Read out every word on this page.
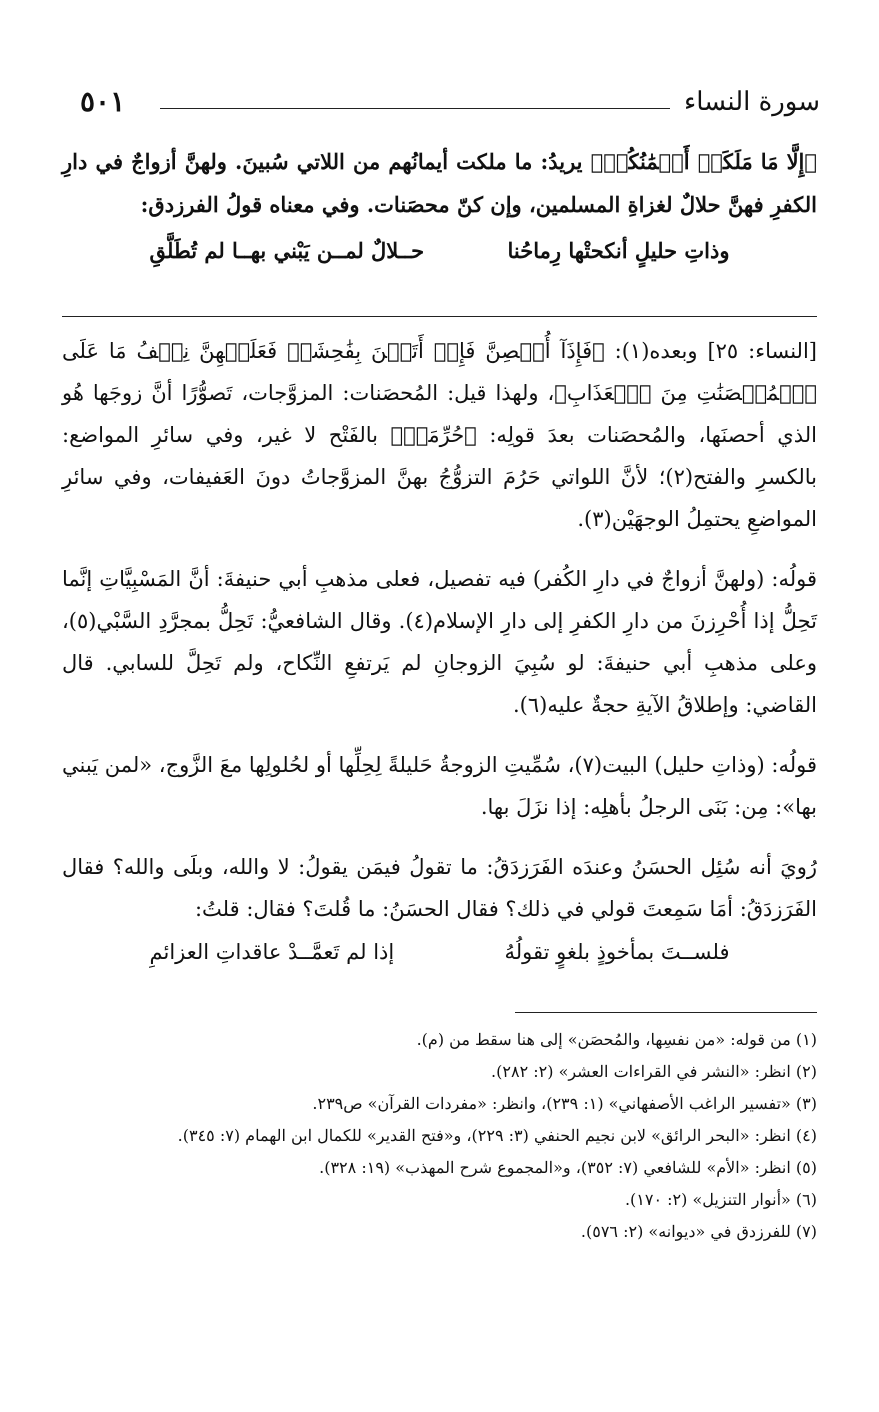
سورة النساء
٥٠١

﴿إِلَّا مَا مَلَكَتۡ أَيۡمَٰنُكُمۡ﴾ يريدُ: ما ملكت أيمانُهم من اللاتي سُبينَ. ولهنَّ أزواجٌ في دارِ الكفرِ فهنَّ حلالٌ لغزاةِ المسلمين، وإن كنّ محصَنات. وفي معناه قولُ الفرزدق:

وذاتِ حليلٍ أنكحتْها رِماحُنا
حــلالٌ لمــن يَبْني بهــا لم تُطَلَّقِ

[النساء: ٢٥] وبعده(١): ﴿فَإِذَآ أُحۡصِنَّ فَإِنۡ أَتَيۡنَ بِفَٰحِشَةٖ فَعَلَيۡهِنَّ نِصۡفُ مَا عَلَى ٱلۡمُحۡصَنَٰتِ مِنَ ٱلۡعَذَابِ﴾، ولهذا قيل: المُحصَنات: المزوَّجات، تَصوُّرًا أنَّ زوجَها هُو الذي أحصنَها، والمُحصَنات بعدَ قولِه: ﴿حُرِّمَتۡ﴾ بالفَتْح لا غير، وفي سائرِ المواضع: بالكسرِ والفتح(٢)؛ لأنَّ اللواتي حَرُمَ التزوُّجُ بهنَّ المزوَّجاتُ دونَ العَفيفات، وفي سائرِ المواضعِ يحتمِلُ الوجهَيْن(٣).

قولُه: (ولهنَّ أزواجٌ في دارِ الكُفر) فيه تفصيل، فعلى مذهبِ أبي حنيفةَ: أنَّ المَسْبِيَّاتِ إنَّما تَحِلُّ إذا أُحْرِزنَ من دارِ الكفرِ إلى دارِ الإسلام(٤). وقال الشافعيُّ: تَحِلُّ بمجرَّدِ السَّبْي(٥)، وعلى مذهبِ أبي حنيفةَ: لو سُبِيَ الزوجانِ لم يَرتفعِ النِّكاح، ولم تَحِلَّ للسابي. قال القاضي: وإطلاقُ الآيةِ حجةٌ عليه(٦).

قولُه: (وذاتِ حليل) البيت(٧)، سُمِّيتِ الزوجةُ حَليلةً لِحِلِّها أو لحُلولِها معَ الزَّوج، «لمن يَبني بها»: مِن: بَنَى الرجلُ بأهلِه: إذا نزَلَ بها.

رُويَ أنه سُئِل الحسَنُ وعندَه الفَرَزدَقُ: ما تقولُ فيمَن يقولُ: لا والله، وبلَى والله؟ فقال الفَرَزدَقُ: أمَا سَمِعتَ قولي في ذلك؟ فقال الحسَنُ: ما قُلتَ؟ فقال: قلتُ:

فلســتَ بمأخوذٍ بلغوٍ تقولُهُ
إذا لم تَعمَّــدْ عاقداتِ العزائمِ

(١) من قوله: «من نفسِها، والمُحصَن» إلى هنا سقط من (م).

(٢) انظر: «النشر في القراءات العشر» (٢: ٢٨٢).

(٣) «تفسير الراغب الأصفهاني» (١: ٢٣٩)، وانظر: «مفردات القرآن» ص٢٣٩.

(٤) انظر: «البحر الرائق» لابن نجيم الحنفي (٣: ٢٢٩)، و«فتح القدير» للكمال ابن الهمام (٧: ٣٤٥).

(٥) انظر: «الأم» للشافعي (٧: ٣٥٢)، و«المجموع شرح المهذب» (١٩: ٣٢٨).

(٦) «أنوار التنزيل» (٢: ١٧٠).

(٧) للفرزدق في «ديوانه» (٢: ٥٧٦).
